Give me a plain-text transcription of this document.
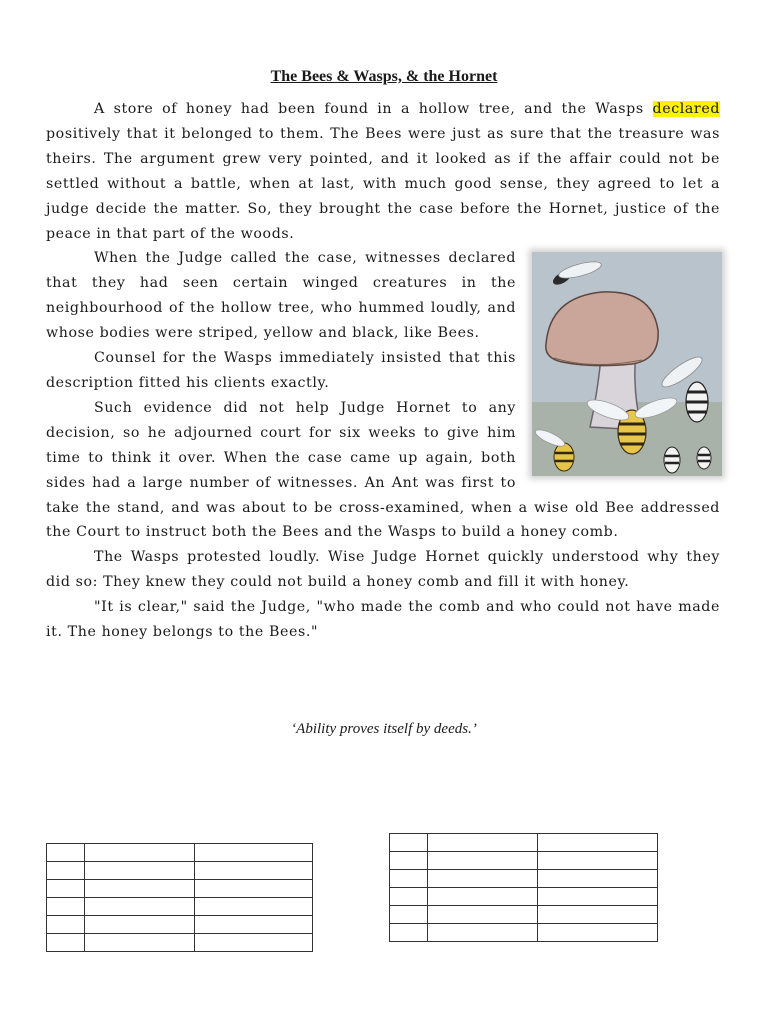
The Bees & Wasps, & the Hornet

A store of honey had been found in a hollow tree, and the Wasps declared positively that it belonged to them. The Bees were just as sure that the treasure was theirs. The argument grew very pointed, and it looked as if the affair could not be settled without a battle, when at last, with much good sense, they agreed to let a judge decide the matter. So, they brought the case before the Hornet, justice of the peace in that part of the woods.

When the Judge called the case, witnesses declared that they had seen certain winged creatures in the neighbourhood of the hollow tree, who hummed loudly, and whose bodies were striped, yellow and black, like Bees.

Counsel for the Wasps immediately insisted that this description fitted his clients exactly.

Such evidence did not help Judge Hornet to any decision, so he adjourned court for six weeks to give him time to think it over. When the case came up again, both sides had a large number of witnesses. An Ant was first to take the stand, and was about to be cross-examined, when a wise old Bee addressed the Court to instruct both the Bees and the Wasps to build a honey comb.

The Wasps protested loudly. Wise Judge Hornet quickly understood why they did so: They knew they could not build a honey comb and fill it with honey.

"It is clear," said the Judge, "who made the comb and who could not have made it. The honey belongs to the Bees."

‘Ability proves itself by deeds.’
